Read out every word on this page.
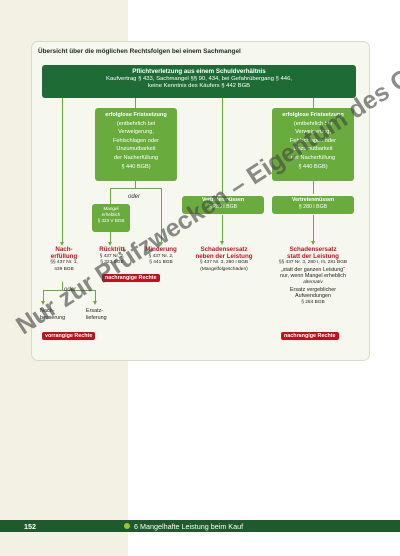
Übersicht über die möglichen Rechtsfolgen bei einem Sachmangel
Pflichtverletzung aus einem Schuldverhältnis
Kaufvertrag § 433, Sachmangel §§ 90, 434, bei Gefahrübergang § 446,
keine Kenntnis des Käufers § 442 BGB
erfolglose Fristsetzung
(entbehrlich bei
Verweigerung,
Fehlschlagen oder
Unzumutbarkeit
der Nacherfüllung
§ 440 BGB)
erfolglose Fristsetzung
(entbehrlich bei
Verweigerung,
Fehlschlagen oder
Unzumutbarkeit
der Nacherfüllung
§ 440 BGB)
oder
Mangel
erheblich
§ 323 V BGB
Vertretenmüssen
§ 280 I BGB
Vertretenmüssen
§ 280 I BGB
Nach-
erfüllung
§§ 437 Nr. 1,
439 BGB
Rücktritt
§ 437 Nr. 2,
§ 323 BGB
Minderung
§ 437 Nr. 2,
§ 441 BGB
Schadensersatz
neben der Leistung
§ 437 Nr. 3, 280 I BGB
(Mangelfolgeschäden)
Schadensersatz
statt der Leistung
§§ 437 Nr. 3, 280 I, III, 281 BGB
„statt der ganzen Leistung“
nur, wenn Mangel erheblich
alternativ
Ersatz vergeblicher
Aufwendungen
§ 284 BGB
oder
Nach-
besserung
Ersatz-
lieferung
vorrangige Rechte
nachrangige Rechte
nachrangige Rechte
Nur zur Prüfzwecken – Eigentum des
152	6 Mangelhafte Leistung beim Kauf
